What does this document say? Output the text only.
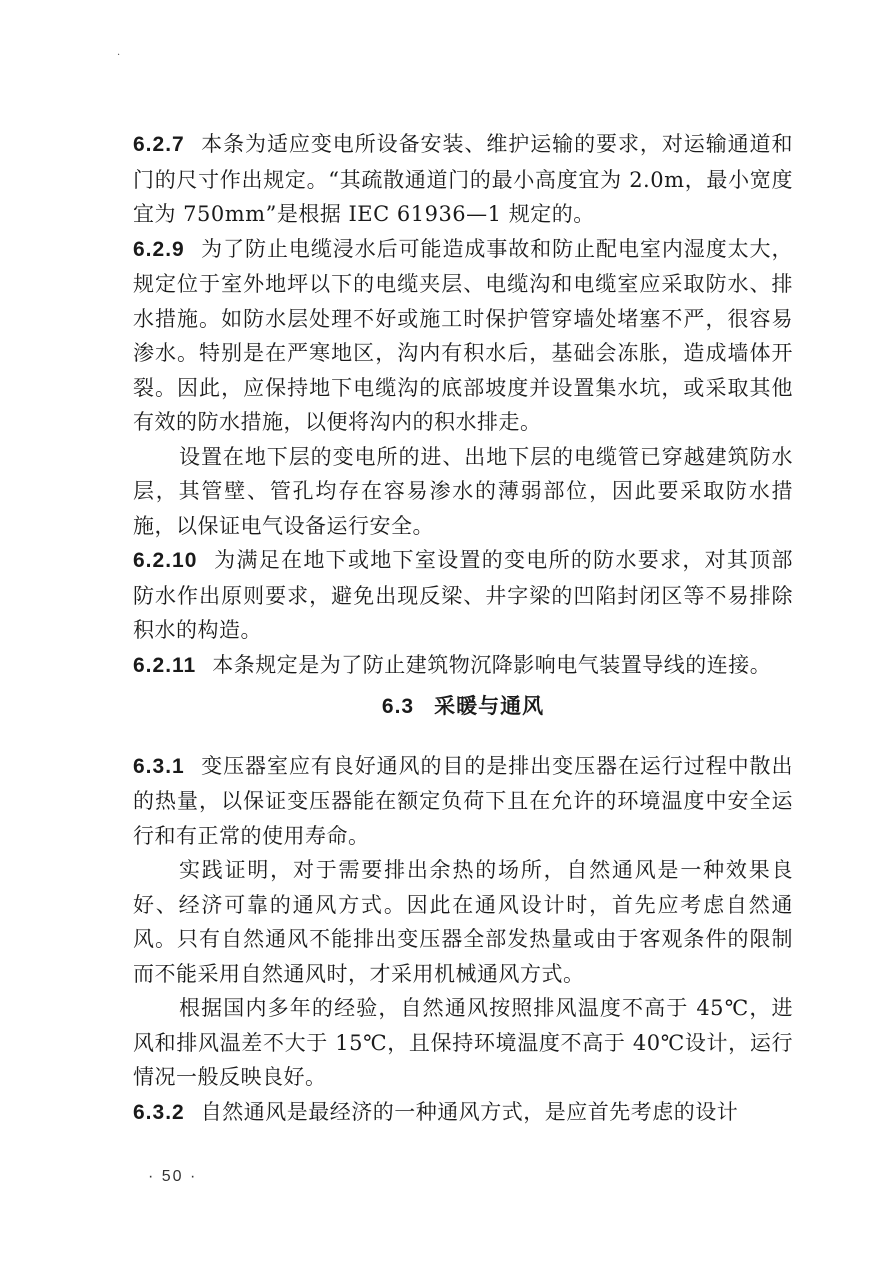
·

6.2.7 本条为适应变电所设备安装、维护运输的要求，对运输通道和门的尺寸作出规定。“其疏散通道门的最小高度宜为 2.0m，最小宽度宜为 750mm”是根据 IEC 61936—1 规定的。

6.2.9 为了防止电缆浸水后可能造成事故和防止配电室内湿度太大，规定位于室外地坪以下的电缆夹层、电缆沟和电缆室应采取防水、排水措施。如防水层处理不好或施工时保护管穿墙处堵塞不严，很容易渗水。特别是在严寒地区，沟内有积水后，基础会冻胀，造成墙体开裂。因此，应保持地下电缆沟的底部坡度并设置集水坑，或采取其他有效的防水措施，以便将沟内的积水排走。

设置在地下层的变电所的进、出地下层的电缆管已穿越建筑防水层，其管壁、管孔均存在容易渗水的薄弱部位，因此要采取防水措施，以保证电气设备运行安全。

6.2.10 为满足在地下或地下室设置的变电所的防水要求，对其顶部防水作出原则要求，避免出现反梁、井字梁的凹陷封闭区等不易排除积水的构造。

6.2.11 本条规定是为了防止建筑物沉降影响电气装置导线的连接。

6.3 采暖与通风

6.3.1 变压器室应有良好通风的目的是排出变压器在运行过程中散出的热量，以保证变压器能在额定负荷下且在允许的环境温度中安全运行和有正常的使用寿命。

实践证明，对于需要排出余热的场所，自然通风是一种效果良好、经济可靠的通风方式。因此在通风设计时，首先应考虑自然通风。只有自然通风不能排出变压器全部发热量或由于客观条件的限制而不能采用自然通风时，才采用机械通风方式。

根据国内多年的经验，自然通风按照排风温度不高于 45℃，进风和排风温差不大于 15℃，且保持环境温度不高于 40℃设计，运行情况一般反映良好。

6.3.2 自然通风是最经济的一种通风方式，是应首先考虑的设计

· 50 ·
